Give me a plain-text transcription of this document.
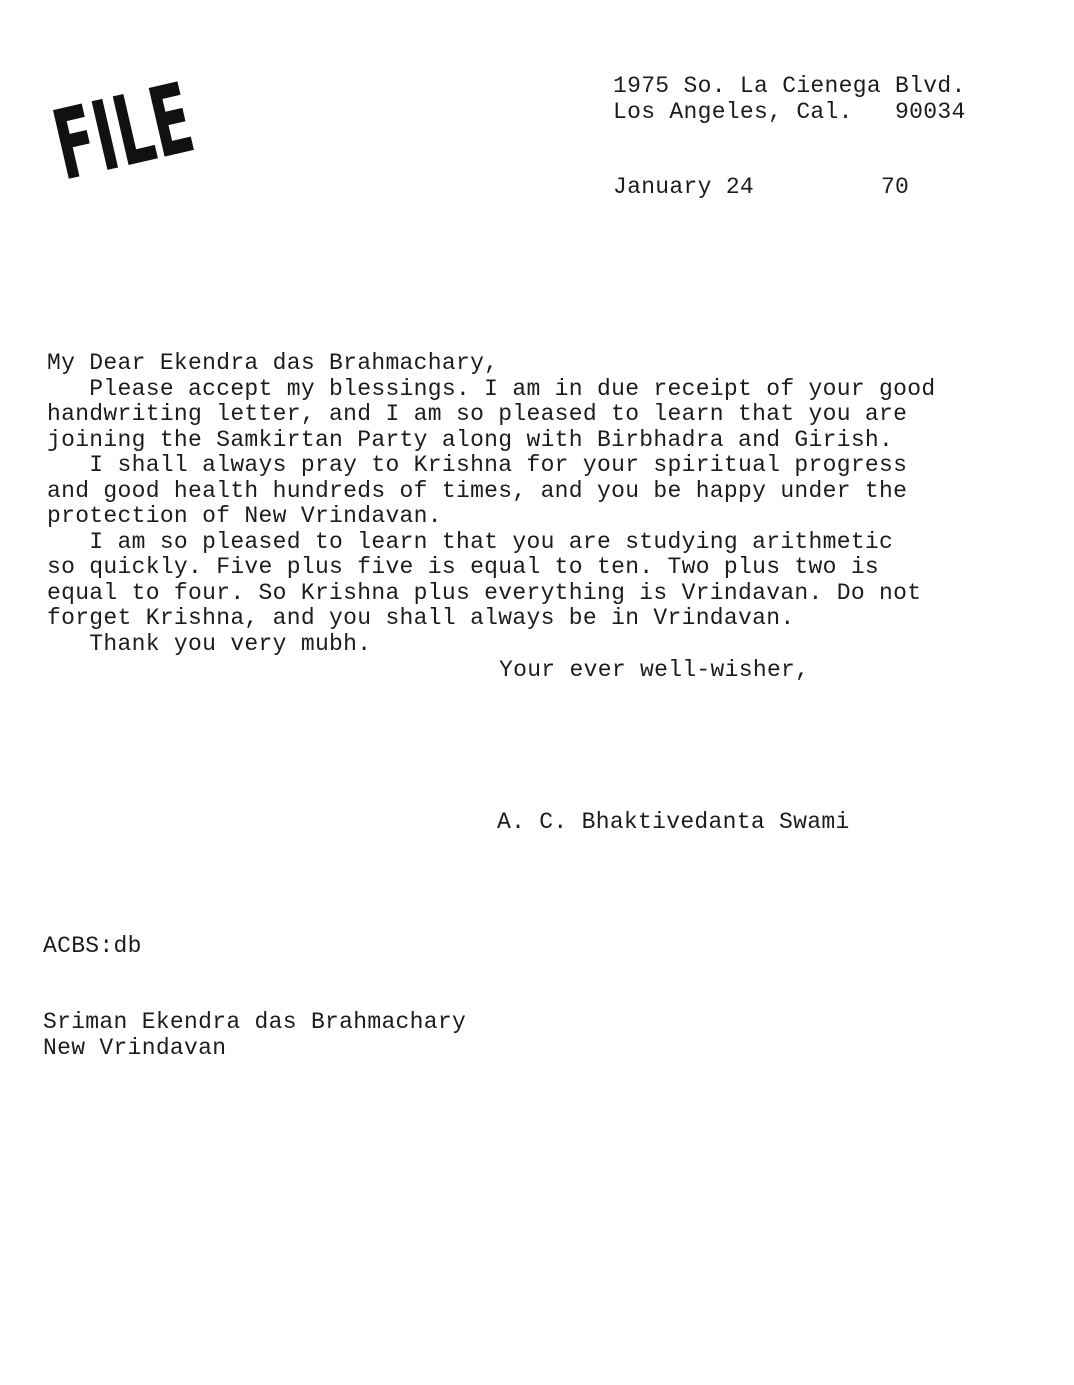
FILE	1975 So. La Cienega Blvd.
Los Angeles, Cal.   90034
January 24         70
My Dear Ekendra das Brahmachary,
Please accept my blessings. I am in due receipt of your good
handwriting letter, and I am so pleased to learn that you are
joining the Samkirtan Party along with Birbhadra and Girish.
I shall always pray to Krishna for your spiritual progress
and good health hundreds of times, and you be happy under the
protection of New Vrindavan.
I am so pleased to learn that you are studying arithmetic
so quickly. Five plus five is equal to ten. Two plus two is
equal to four. So Krishna plus everything is Vrindavan. Do not
forget Krishna, and you shall always be in Vrindavan.
Thank you very mubh.
Your ever well-wisher,
A. C. Bhaktivedanta Swami
ACBS:db
Sriman Ekendra das Brahmachary
New Vrindavan
